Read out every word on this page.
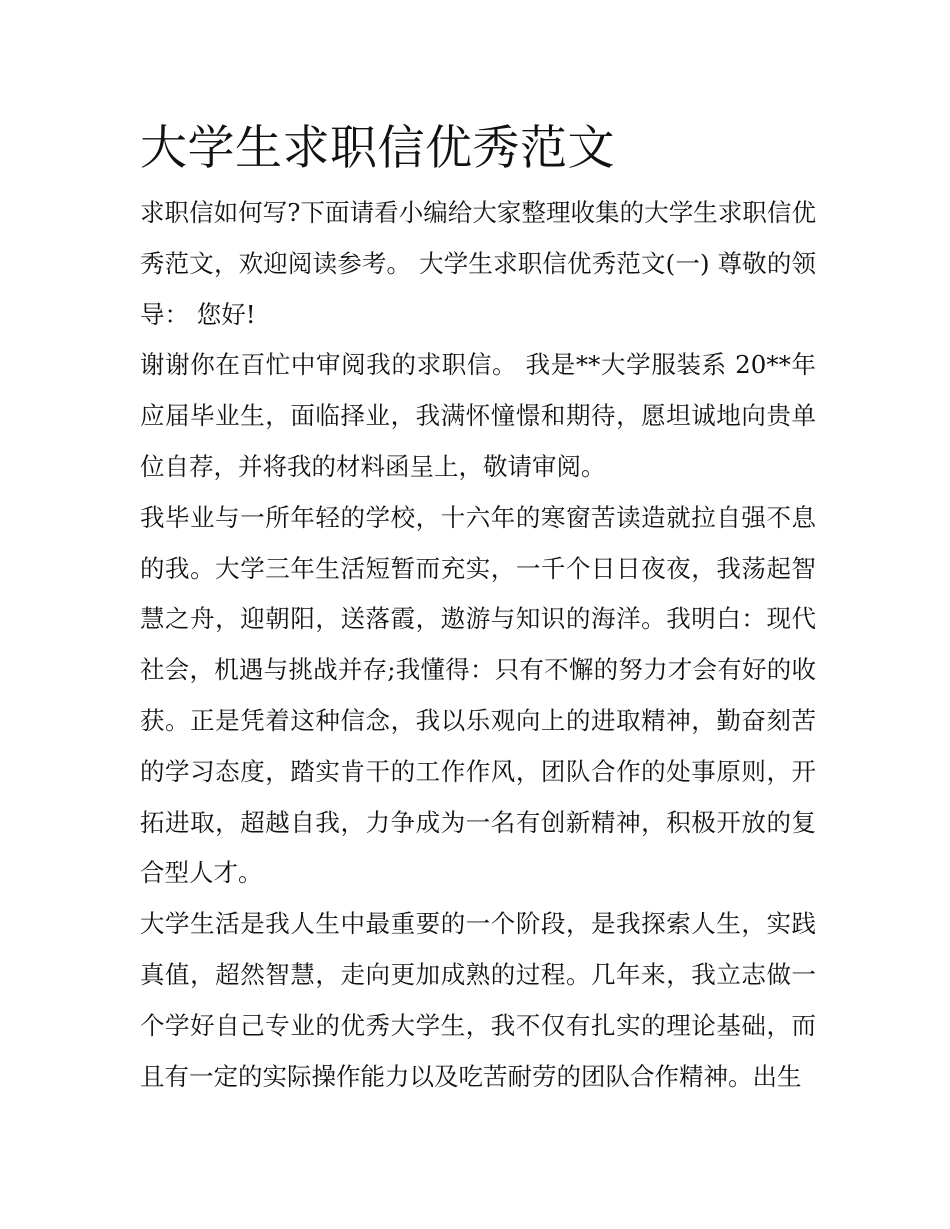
大学生求职信优秀范文

求职信如何写?下面请看小编给大家整理收集的大学生求职信优秀范文，欢迎阅读参考。 大学生求职信优秀范文(一) 尊敬的领导： 您好!

谢谢你在百忙中审阅我的求职信。 我是**大学服装系 20**年应届毕业生，面临择业，我满怀憧憬和期待，愿坦诚地向贵单位自荐，并将我的材料函呈上，敬请审阅。

我毕业与一所年轻的学校，十六年的寒窗苦读造就拉自强不息的我。大学三年生活短暂而充实，一千个日日夜夜，我荡起智慧之舟，迎朝阳，送落霞，遨游与知识的海洋。我明白：现代社会，机遇与挑战并存;我懂得：只有不懈的努力才会有好的收获。正是凭着这种信念，我以乐观向上的进取精神，勤奋刻苦的学习态度，踏实肯干的工作作风，团队合作的处事原则，开拓进取，超越自我，力争成为一名有创新精神，积极开放的复合型人才。

大学生活是我人生中最重要的一个阶段，是我探索人生，实践真值，超然智慧，走向更加成熟的过程。几年来，我立志做一个学好自己专业的优秀大学生，我不仅有扎实的理论基础，而且有一定的实际操作能力以及吃苦耐劳的团队合作精神。出生
